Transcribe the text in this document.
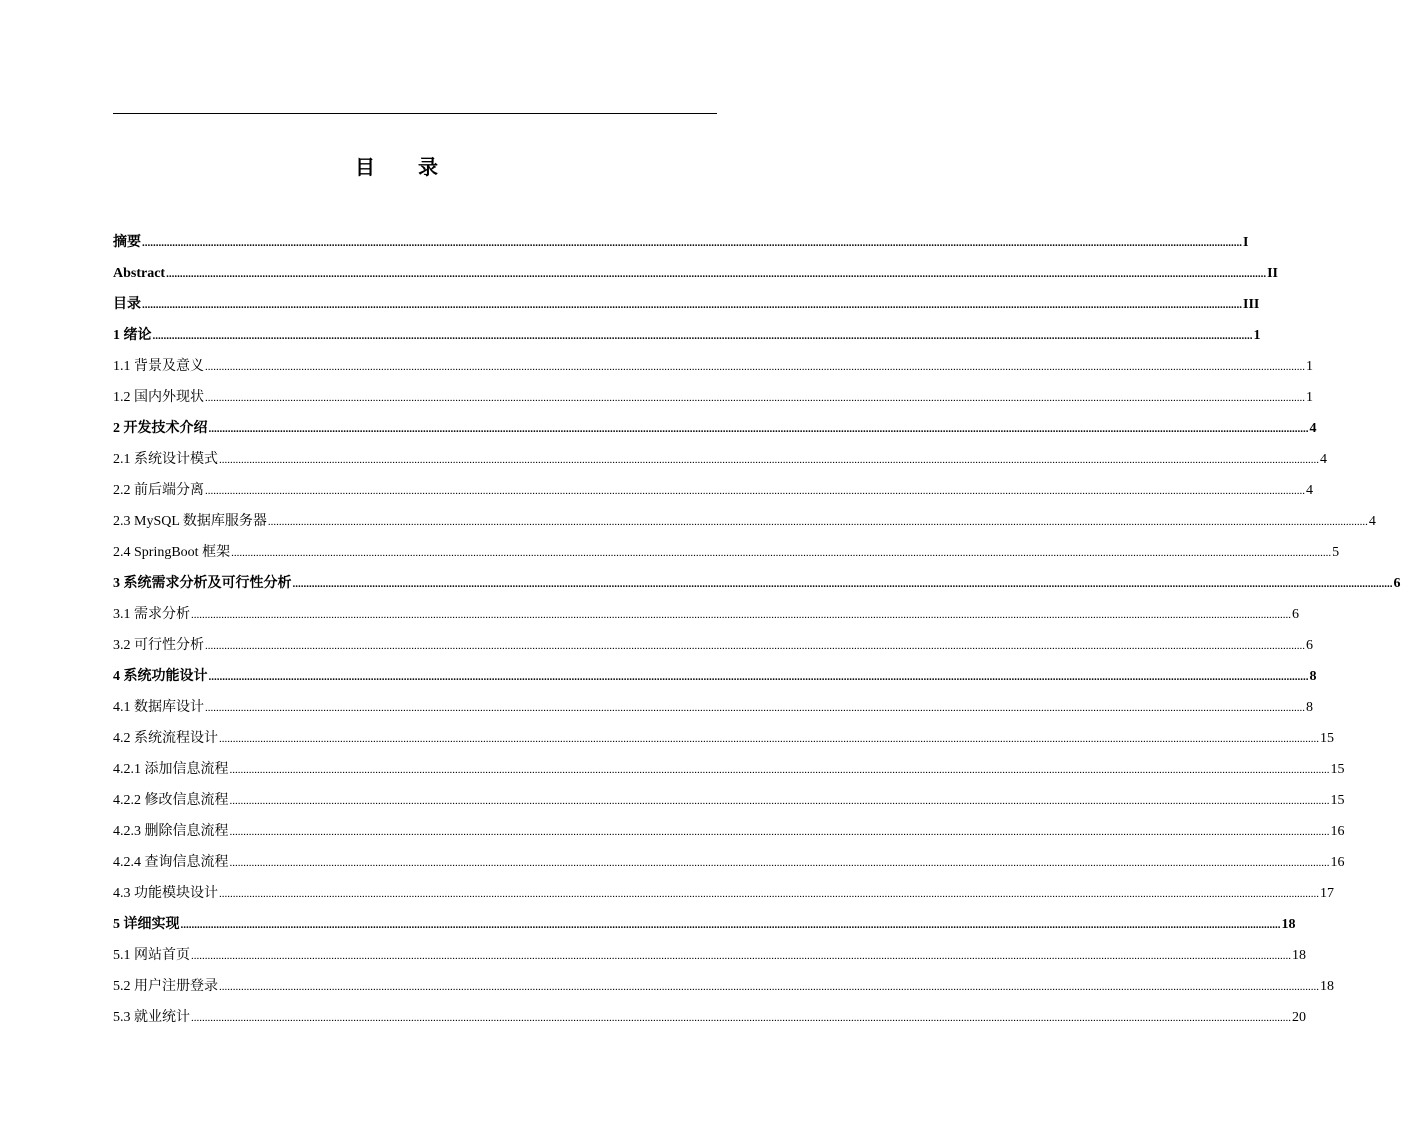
目 录
摘要 ................................................................................................................................................................................................................................................................................................................................................................................................................ I
Abstract ................................................................................................................................................................................................................................................................................................................................................................................................................ II
目录 ................................................................................................................................................................................................................................................................................................................................................................................................................ III
1 绪论 ................................................................................................................................................................................................................................................................................................................................................................................................................ 1
1.1 背景及意义 ................................................................................................................................................................................................................................................................................................................................................................................................................ 1
1.2 国内外现状 ................................................................................................................................................................................................................................................................................................................................................................................................................ 1
2 开发技术介绍 ................................................................................................................................................................................................................................................................................................................................................................................................................ 4
2.1 系统设计模式 ................................................................................................................................................................................................................................................................................................................................................................................................................ 4
2.2 前后端分离 ................................................................................................................................................................................................................................................................................................................................................................................................................ 4
2.3 MySQL 数据库服务器 ................................................................................................................................................................................................................................................................................................................................................................................................................ 4
2.4 SpringBoot 框架 ................................................................................................................................................................................................................................................................................................................................................................................................................ 5
3 系统需求分析及可行性分析 ................................................................................................................................................................................................................................................................................................................................................................................................................ 6
3.1 需求分析 ................................................................................................................................................................................................................................................................................................................................................................................................................ 6
3.2 可行性分析 ................................................................................................................................................................................................................................................................................................................................................................................................................ 6
4 系统功能设计 ................................................................................................................................................................................................................................................................................................................................................................................................................ 8
4.1 数据库设计 ................................................................................................................................................................................................................................................................................................................................................................................................................ 8
4.2 系统流程设计 ................................................................................................................................................................................................................................................................................................................................................................................................................ 15
4.2.1 添加信息流程 ................................................................................................................................................................................................................................................................................................................................................................................................................ 15
4.2.2 修改信息流程 ................................................................................................................................................................................................................................................................................................................................................................................................................ 15
4.2.3 删除信息流程 ................................................................................................................................................................................................................................................................................................................................................................................................................ 16
4.2.4 查询信息流程 ................................................................................................................................................................................................................................................................................................................................................................................................................ 16
4.3 功能模块设计 ................................................................................................................................................................................................................................................................................................................................................................................................................ 17
5 详细实现 ................................................................................................................................................................................................................................................................................................................................................................................................................ 18
5.1 网站首页 ................................................................................................................................................................................................................................................................................................................................................................................................................ 18
5.2 用户注册登录 ................................................................................................................................................................................................................................................................................................................................................................................................................ 18
5.3 就业统计 ................................................................................................................................................................................................................................................................................................................................................................................................................ 20
